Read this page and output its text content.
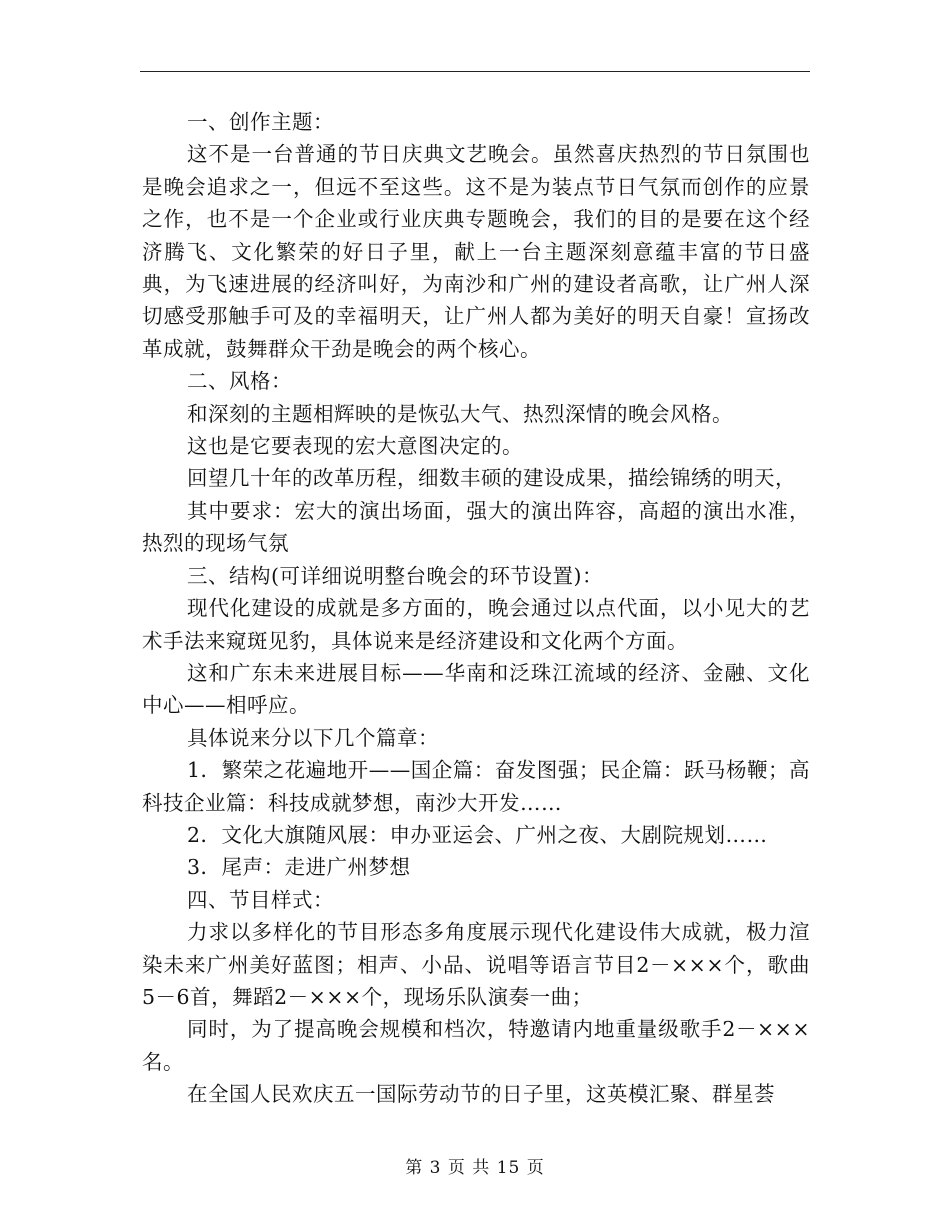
一、创作主题：

这不是一台普通的节日庆典文艺晚会。虽然喜庆热烈的节日氛围也是晚会追求之一，但远不至这些。这不是为装点节日气氛而创作的应景之作，也不是一个企业或行业庆典专题晚会，我们的目的是要在这个经济腾飞、文化繁荣的好日子里，献上一台主题深刻意蕴丰富的节日盛典，为飞速进展的经济叫好，为南沙和广州的建设者高歌，让广州人深切感受那触手可及的幸福明天，让广州人都为美好的明天自豪！宣扬改革成就，鼓舞群众干劲是晚会的两个核心。

二、风格：

和深刻的主题相辉映的是恢弘大气、热烈深情的晚会风格。

这也是它要表现的宏大意图决定的。

回望几十年的改革历程，细数丰硕的建设成果，描绘锦绣的明天，

其中要求：宏大的演出场面，强大的演出阵容，高超的演出水准，热烈的现场气氛

三、结构(可详细说明整台晚会的环节设置)：

现代化建设的成就是多方面的，晚会通过以点代面，以小见大的艺术手法来窥斑见豹，具体说来是经济建设和文化两个方面。

这和广东未来进展目标——华南和泛珠江流域的经济、金融、文化中心——相呼应。

具体说来分以下几个篇章：

1．繁荣之花遍地开——国企篇：奋发图强；民企篇：跃马杨鞭；高科技企业篇：科技成就梦想，南沙大开发……

2．文化大旗随风展：申办亚运会、广州之夜、大剧院规划……

3．尾声：走进广州梦想

四、节目样式：

力求以多样化的节目形态多角度展示现代化建设伟大成就，极力渲染未来广州美好蓝图；相声、小品、说唱等语言节目2－×××个，歌曲5－6首，舞蹈2－×××个，现场乐队演奏一曲；

同时，为了提高晚会规模和档次，特邀请内地重量级歌手2－×××名。

在全国人民欢庆五一国际劳动节的日子里，这英模汇聚、群星荟

第 3 页 共 15 页
